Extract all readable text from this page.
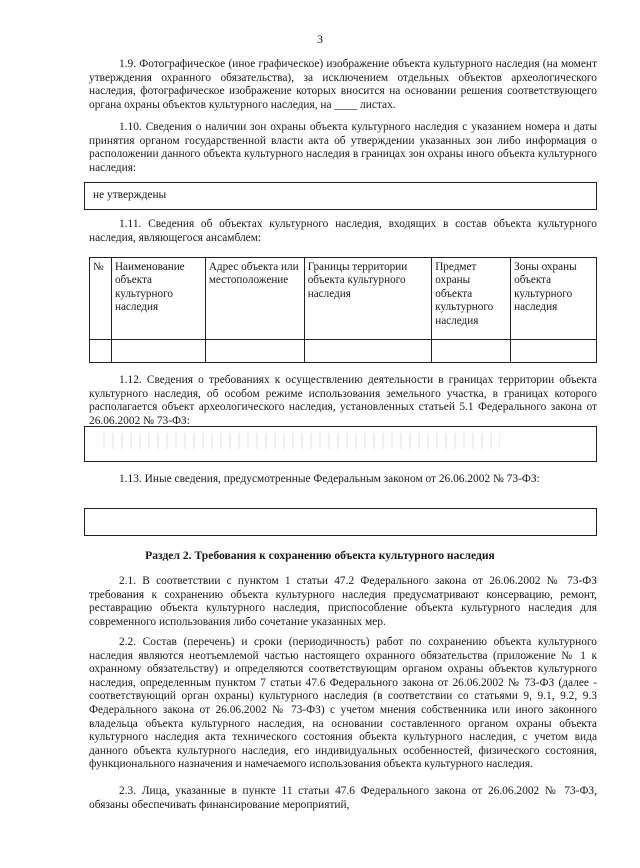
3
1.9. Фотографическое (иное графическое) изображение объекта культурного наследия (на момент утверждения охранного обязательства), за исключением отдельных объектов археологического наследия, фотографическое изображение которых вносится на основании решения соответствующего органа охраны объектов культурного наследия, на ____ листах.
1.10. Сведения о наличии зон охраны объекта культурного наследия с указанием номера и даты принятия органом государственной власти акта об утверждении указанных зон либо информация о расположении данного объекта культурного наследия в границах зон охраны иного объекта культурного наследия:
не утверждены
1.11. Сведения об объектах культурного наследия, входящих в состав объекта культурного наследия, являющегося ансамблем:
№	Наименование объекта культурного наследия	Адрес объекта или местоположение	Границы территории объекта культурного наследия	Предмет охраны объекта культурного наследия	Зоны охраны объекта культурного наследия

1.12. Сведения о требованиях к осуществлению деятельности в границах территории объекта культурного наследия, об особом режиме использования земельного участка, в границах которого располагается объект археологического наследия, установленных статьей 5.1 Федерального закона от 26.06.2002 № 73-ФЗ:
1.13. Иные сведения, предусмотренные Федеральным законом от 26.06.2002 № 73-ФЗ:
Раздел 2. Требования к сохранению объекта культурного наследия
2.1. В соответствии с пунктом 1 статьи 47.2 Федерального закона от 26.06.2002 № 73-ФЗ требования к сохранению объекта культурного наследия предусматривают консервацию, ремонт, реставрацию объекта культурного наследия, приспособление объекта культурного наследия для современного использования либо сочетание указанных мер.
2.2. Состав (перечень) и сроки (периодичность) работ по сохранению объекта культурного наследия являются неотъемлемой частью настоящего охранного обязательства (приложение № 1 к охранному обязательству) и определяются соответствующим органом охраны объектов культурного наследия, определенным пунктом 7 статьи 47.6 Федерального закона от 26.06.2002 № 73-ФЗ (далее - соответствующий орган охраны) культурного наследия (в соответствии со статьями 9, 9.1, 9.2, 9.3 Федерального закона от 26.06.2002 № 73-ФЗ) с учетом мнения собственника или иного законного владельца объекта культурного наследия, на основании составленного органом охраны объекта культурного наследия акта технического состояния объекта культурного наследия, с учетом вида данного объекта культурного наследия, его индивидуальных особенностей, физического состояния, функционального назначения и намечаемого использования объекта культурного наследия.
2.3. Лица, указанные в пункте 11 статьи 47.6 Федерального закона от 26.06.2002 № 73-ФЗ, обязаны обеспечивать финансирование мероприятий,
